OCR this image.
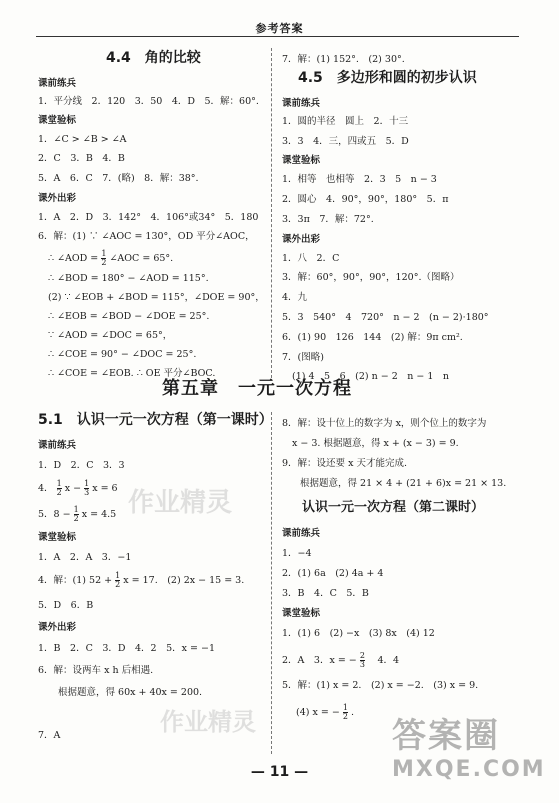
参考答案
作业精灵
作业精灵
4.4　角的比较
课前练兵
1．平分线　2．120　3．50　4．D　5．解：60°.
课堂验标
1．∠C > ∠B > ∠A
2．C　3．B　4．B
5．A　6．C　7．(略)　8．解：38°.
课外出彩
1．A　2．D　3．142°　4．106°或34°　5．180
6．解：(1) ∵ ∠AOC = 130°，OD 平分∠AOC，
∴ ∠AOD = $\frac{1}{2}$ ∠AOC = 65°.
∴ ∠BOD = 180° − ∠AOD = 115°.
(2) ∵ ∠EOB + ∠BOD = 115°，∠DOE = 90°，
∴ ∠EOB = ∠BOD − ∠DOE = 25°.
∵ ∠AOD = ∠DOC = 65°，
∴ ∠COE = 90° − ∠DOC = 25°.
∴ ∠COE = ∠EOB. ∴ OE 平分∠BOC.
7．解：(1) 152°.　(2) 30°.
4.5　多边形和圆的初步认识
课前练兵
1．圆的半径　圆上　2．十三
3．3　4．三，四或五　5．D
课堂验标
1．相等　也相等　2．3　5　n − 3
2．圆心　4．90°，90°，180°　5．π
3．3π　7．解：72°.
课外出彩
1．八　2．C
3．解：60°，90°，90°，120°.（图略）
4．九
5．3　540°　4　720°　n − 2　(n − 2)·180°
6．(1) 90　126　144　(2) 解：9π cm².
7．(图略)
(1) 4　5　6　(2) n − 2　n − 1　n
第五章　一元一次方程
5.1　认识一元一次方程（第一课时）
课前练兵
1．D　2．C　3．3
4． $\frac{1}{2}$ $x - \frac{1}{3}$ x = 6
5．$8 - \frac{1}{2}$ x = 4.5
课堂验标
1．A　2．A　3．−1
4．解：(1) $52 + \frac{1}{2}$ x = 17.　(2) 2x − 15 = 3.
5．D　6．B
课外出彩
1．B　2．C　3．D　4．2　5．x = −1
6．解：设两车 x h 后相遇.
根据题意，得 60x + 40x = 200.
7．A
8．解：设十位上的数字为 x，则个位上的数字为
x − 3. 根据题意，得 x + (x − 3) = 9.
9．解：设还要 x 天才能完成.
根据题意，得 21 × 4 + (21 + 6)x = 21 × 13.
认识一元一次方程（第二课时）
课前练兵
1．−4
2．(1) 6a　(2) 4a + 4
3．B　4．C　5．B
课堂验标
1．(1) 6　(2) −x　(3) 8x　(4) 12
2．A　3．x = − $\frac{2}{3}$ 　4．4
5．解：(1) x = 2.　(2) x = −2.　(3) x = 9.
(4) x = − $\frac{1}{2}$ .
答案圈
MXQE.COM
— 11 —
